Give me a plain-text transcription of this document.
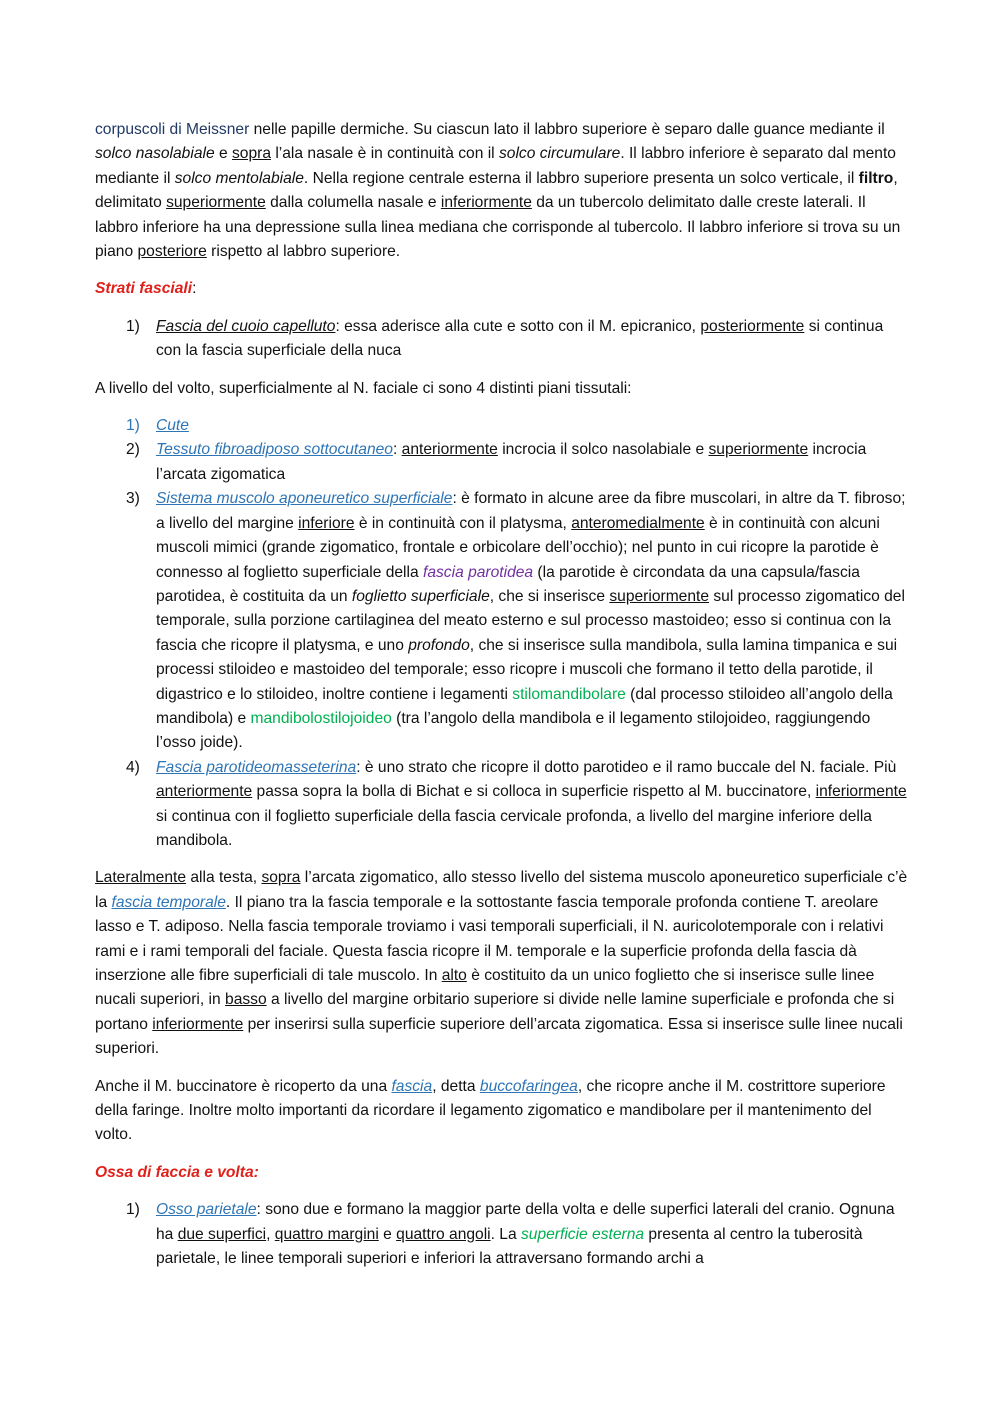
corpuscoli di Meissner nelle papille dermiche. Su ciascun lato il labbro superiore è separo dalle guance mediante il solco nasolabiale e sopra l’ala nasale è in continuità con il solco circumulare. Il labbro inferiore è separato dal mento mediante il solco mentolabiale. Nella regione centrale esterna il labbro superiore presenta un solco verticale, il filtro, delimitato superiormente dalla columella nasale e inferiormente da un tubercolo delimitato dalle creste laterali. Il labbro inferiore ha una depressione sulla linea mediana che corrisponde al tubercolo. Il labbro inferiore si trova su un piano posteriore rispetto al labbro superiore.

Strati fasciali:

1) Fascia del cuoio capelluto: essa aderisce alla cute e sotto con il M. epicranico, posteriormente si continua con la fascia superficiale della nuca

A livello del volto, superficialmente al N. faciale ci sono 4 distinti piani tissutali:

1) Cute
2) Tessuto fibroadiposo sottocutaneo: anteriormente incrocia il solco nasolabiale e superiormente incrocia l’arcata zigomatica
3) Sistema muscolo aponeuretico superficiale: è formato in alcune aree da fibre muscolari, in altre da T. fibroso; a livello del margine inferiore è in continuità con il platysma, anteromedialmente è in continuità con alcuni muscoli mimici (grande zigomatico, frontale e orbicolare dell’occhio); nel punto in cui ricopre la parotide è connesso al foglietto superficiale della fascia parotidea (la parotide è circondata da una capsula/fascia parotidea, è costituita da un foglietto superficiale, che si inserisce superiormente sul processo zigomatico del temporale, sulla porzione cartilaginea del meato esterno e sul processo mastoideo; esso si continua con la fascia che ricopre il platysma, e uno profondo, che si inserisce sulla mandibola, sulla lamina timpanica e sui processi stiloideo e mastoideo del temporale; esso ricopre i muscoli che formano il tetto della parotide, il digastrico e lo stiloideo, inoltre contiene i legamenti stilomandibolare (dal processo stiloideo all’angolo della mandibola) e mandibolostilojoideo (tra l’angolo della mandibola e il legamento stilojoideo, raggiungendo l’osso joide).
4) Fascia parotideomasseterina: è uno strato che ricopre il dotto parotideo e il ramo buccale del N. faciale. Più anteriormente passa sopra la bolla di Bichat e si colloca in superficie rispetto al M. buccinatore, inferiormente si continua con il foglietto superficiale della fascia cervicale profonda, a livello del margine inferiore della mandibola.

Lateralmente alla testa, sopra l’arcata zigomatico, allo stesso livello del sistema muscolo aponeuretico superficiale c’è la fascia temporale. Il piano tra la fascia temporale e la sottostante fascia temporale profonda contiene T. areolare lasso e T. adiposo. Nella fascia temporale troviamo i vasi temporali superficiali, il N. auricolotemporale con i relativi rami e i rami temporali del faciale. Questa fascia ricopre il M. temporale e la superficie profonda della fascia dà inserzione alle fibre superficiali di tale muscolo. In alto è costituito da un unico foglietto che si inserisce sulle linee nucali superiori, in basso a livello del margine orbitario superiore si divide nelle lamine superficiale e profonda che si portano inferiormente per inserirsi sulla superficie superiore dell’arcata zigomatica. Essa si inserisce sulle linee nucali superiori.

Anche il M. buccinatore è ricoperto da una fascia, detta buccofaringea, che ricopre anche il M. costrittore superiore della faringe. Inoltre molto importanti da ricordare il legamento zigomatico e mandibolare per il mantenimento del volto.

Ossa di faccia e volta:

1) Osso parietale: sono due e formano la maggior parte della volta e delle superfici laterali del cranio. Ognuna ha due superfici, quattro margini e quattro angoli. La superficie esterna presenta al centro la tuberosità parietale, le linee temporali superiori e inferiori la attraversano formando archi a
